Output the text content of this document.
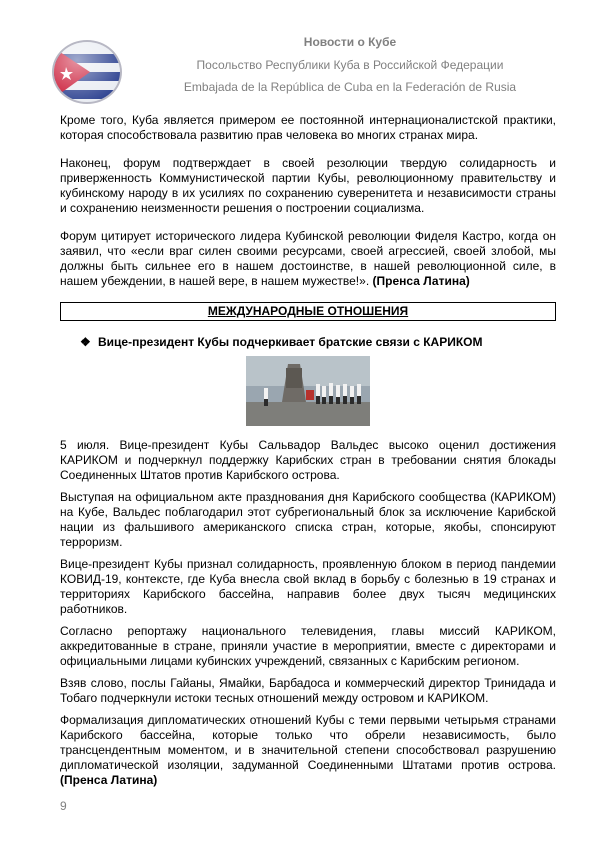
Новости о Кубе
Посольство Республики Куба в Российской Федерации
Embajada de la República de Cuba en la Federación de Rusia

Кроме того, Куба является примером ее постоянной интернационалистской практики, которая способствовала развитию прав человека во многих странах мира.

Наконец, форум подтверждает в своей резолюции твердую солидарность и приверженность Коммунистической партии Кубы, революционному правительству и кубинскому народу в их усилиях по сохранению суверенитета и независимости страны и сохранению неизменности решения о построении социализма.

Форум цитирует исторического лидера Кубинской революции Фиделя Кастро, когда он заявил, что «если враг силен своими ресурсами, своей агрессией, своей злобой, мы должны быть сильнее его в нашем достоинстве, в нашей революционной силе, в нашем убеждении, в нашей вере, в нашем мужестве!». (Пренса Латина)

МЕЖДУНАРОДНЫЕ ОТНОШЕНИЯ
❖ Вице-президент Кубы подчеркивает братские связи с КАРИКОМ

5 июля. Вице-президент Кубы Сальвадор Вальдес высоко оценил достижения КАРИКОМ и подчеркнул поддержку Карибских стран в требовании снятия блокады Соединенных Штатов против Карибского острова.

Выступая на официальном акте празднования дня Карибского сообщества (КАРИКОМ) на Кубе, Вальдес поблагодарил этот субрегиональный блок за исключение Карибской нации из фальшивого американского списка стран, которые, якобы, спонсируют терроризм.

Вице-президент Кубы признал солидарность, проявленную блоком в период пандемии КОВИД-19, контексте, где Куба внесла свой вклад в борьбу с болезнью в 19 странах и территориях Карибского бассейна, направив более двух тысяч медицинских работников.

Согласно репортажу национального телевидения, главы миссий КАРИКОМ, аккредитованные в стране, приняли участие в мероприятии, вместе с директорами и официальными лицами кубинских учреждений, связанных с Карибским регионом.

Взяв слово, послы Гайаны, Ямайки, Барбадоса и коммерческий директор Тринидада и Тобаго подчеркнули истоки тесных отношений между островом и КАРИКОМ.

Формализация дипломатических отношений Кубы с теми первыми четырьмя странами Карибского бассейна, которые только что обрели независимость, было трансцендентным моментом, и в значительной степени способствовал разрушению дипломатической изоляции, задуманной Соединенными Штатами против острова. (Пренса Латина)

9
